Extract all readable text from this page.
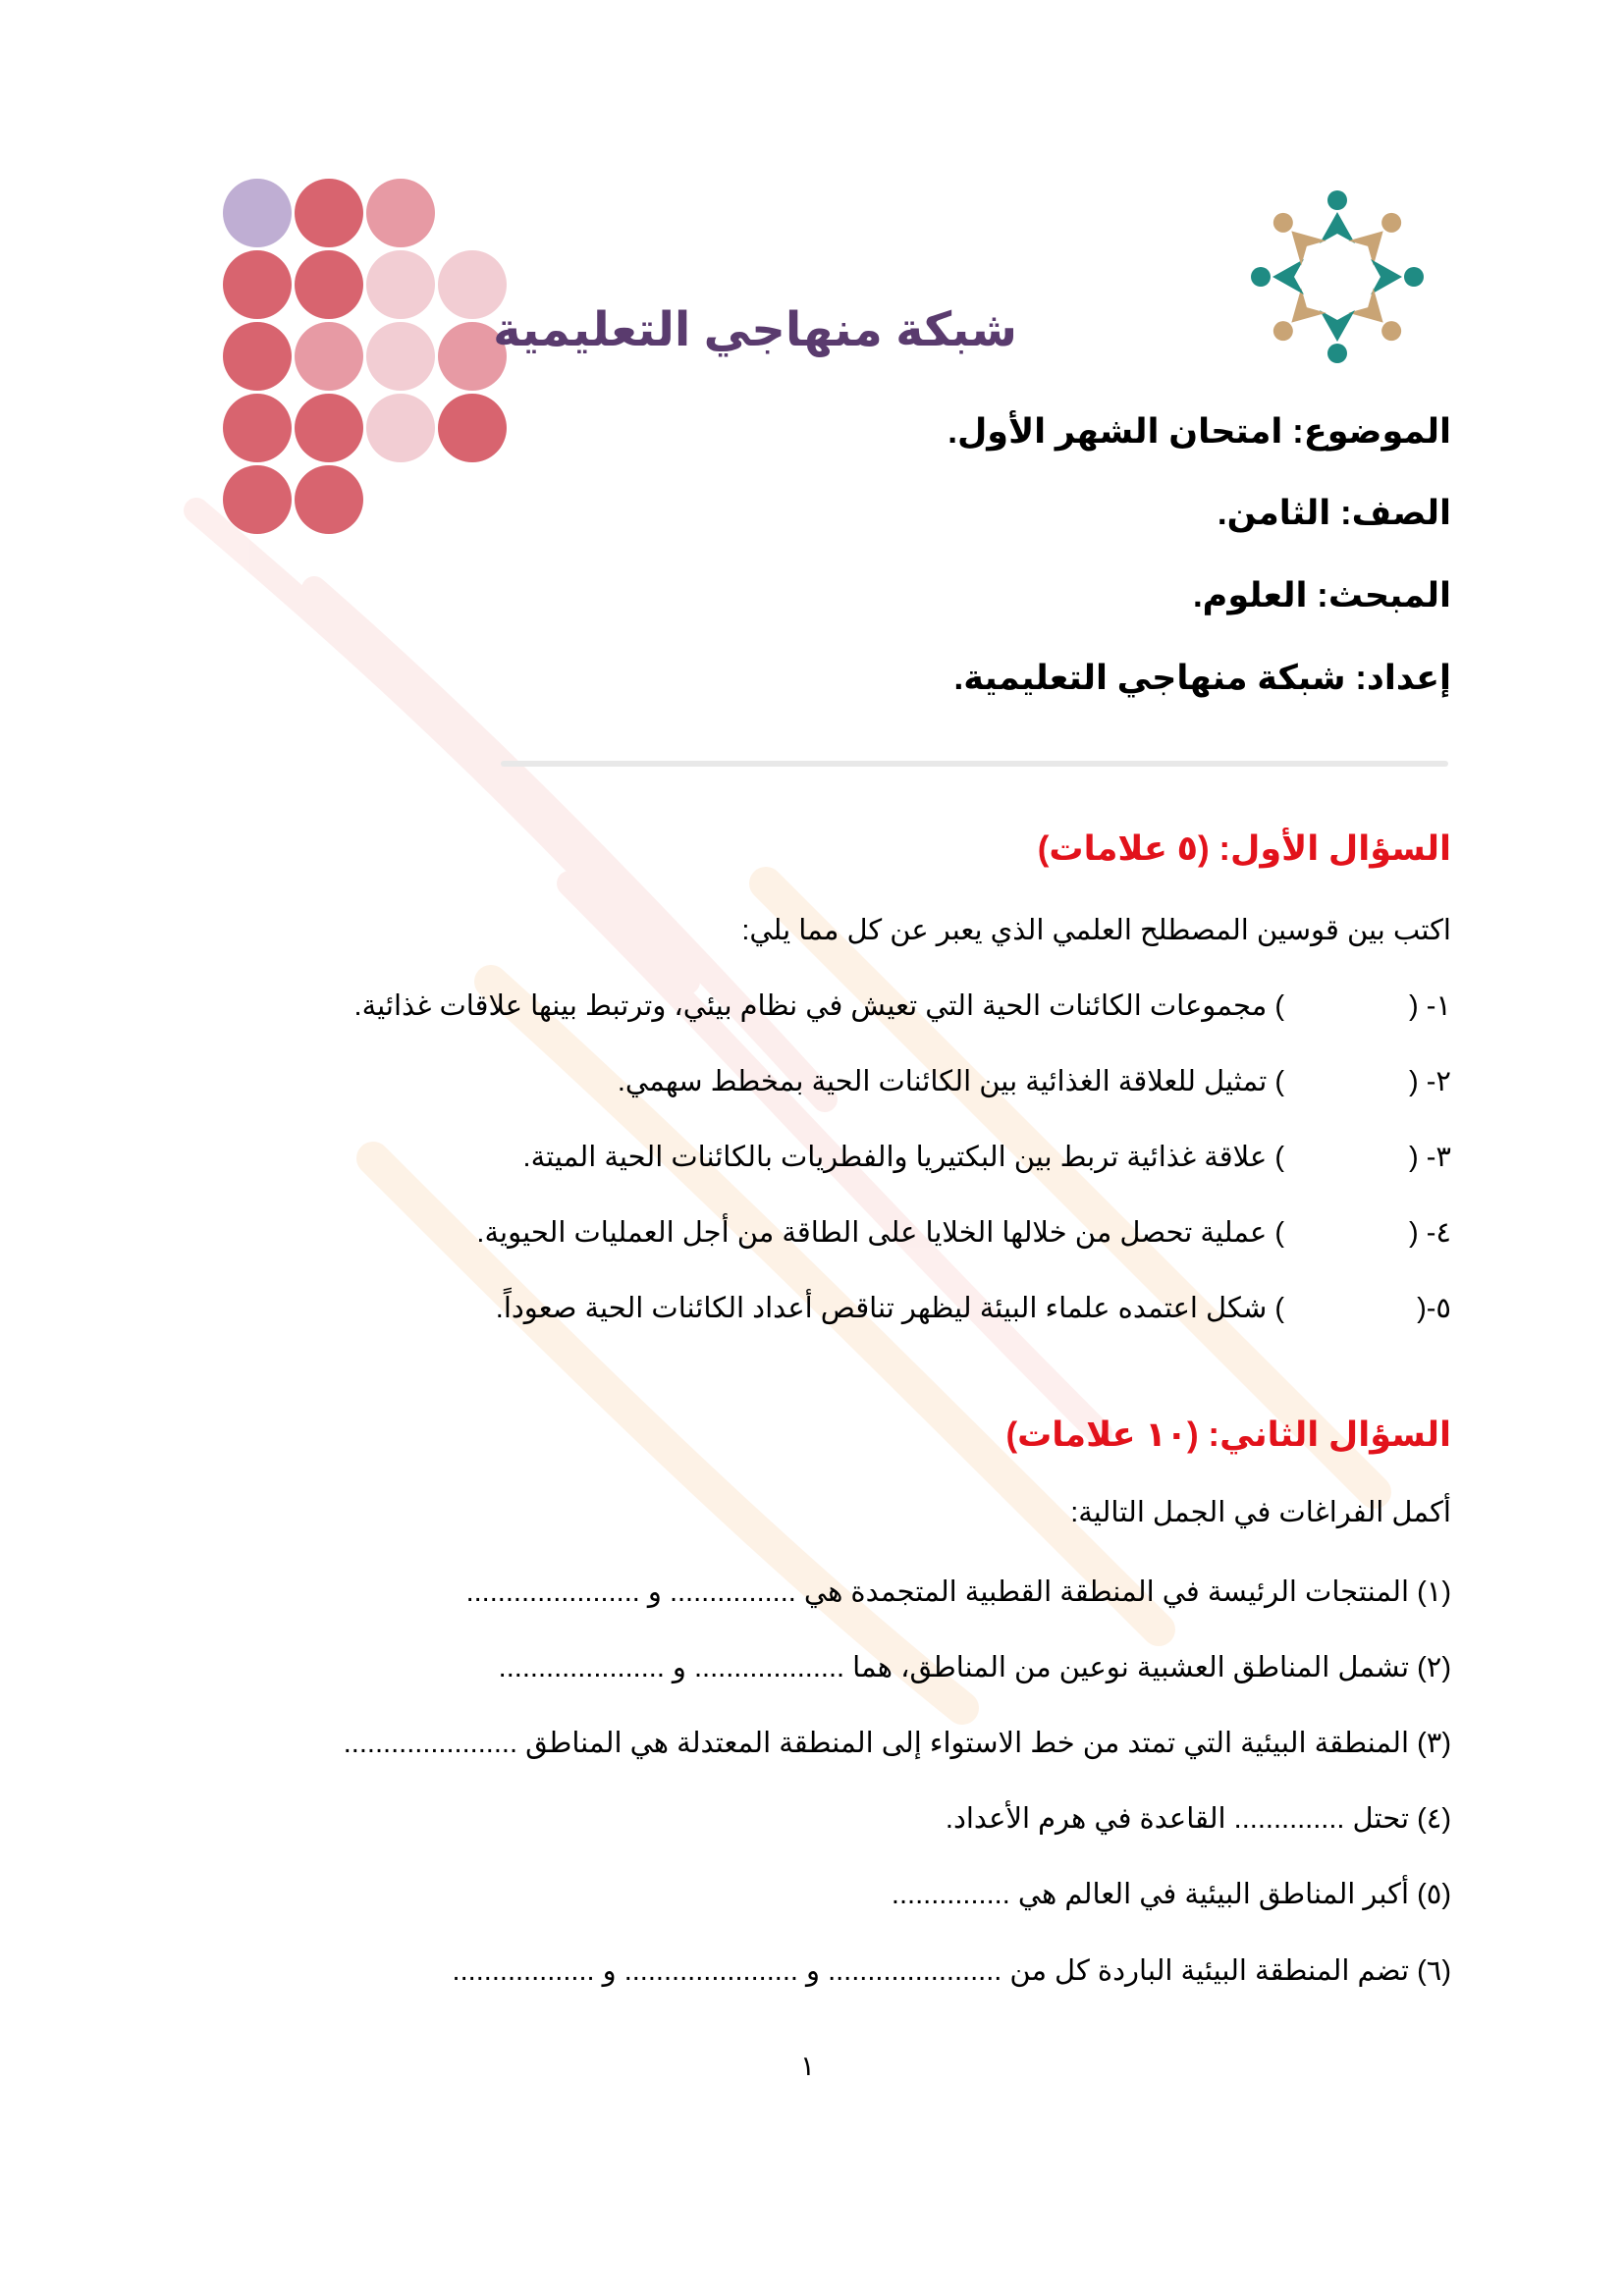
شبكة منهاجي التعليمية
الموضوع: امتحان الشهر الأول.
الصف: الثامن.
المبحث: العلوم.
إعداد: شبكة منهاجي التعليمية.
السؤال الأول: (٥ علامات)
اكتب بين قوسين المصطلح العلمي الذي يعبر عن كل مما يلي:
١- (
) مجموعات الكائنات الحية التي تعيش في نظام بيئي، وترتبط بينها علاقات غذائية.
٢- (
) تمثيل للعلاقة الغذائية بين الكائنات الحية بمخطط سهمي.
٣- (
) علاقة غذائية تربط بين البكتيريا والفطريات بالكائنات الحية الميتة.
٤- (
) عملية تحصل من خلالها الخلايا على الطاقة من أجل العمليات الحيوية.
٥-(
) شكل اعتمده علماء البيئة ليظهر تناقص أعداد الكائنات الحية صعوداً.
السؤال الثاني: (١٠ علامات)
أكمل الفراغات في الجمل التالية:
(١) المنتجات الرئيسة في المنطقة القطبية المتجمدة هي ................ و ......................
(٢) تشمل المناطق العشبية نوعين من المناطق، هما ................... و .....................
(٣) المنطقة البيئية التي تمتد من خط الاستواء إلى المنطقة المعتدلة هي المناطق ......................
(٤) تحتل .............. القاعدة في هرم الأعداد.
(٥) أكبر المناطق البيئية في العالم هي ...............
(٦) تضم المنطقة البيئية الباردة كل من ...................... و ...................... و ..................
١
